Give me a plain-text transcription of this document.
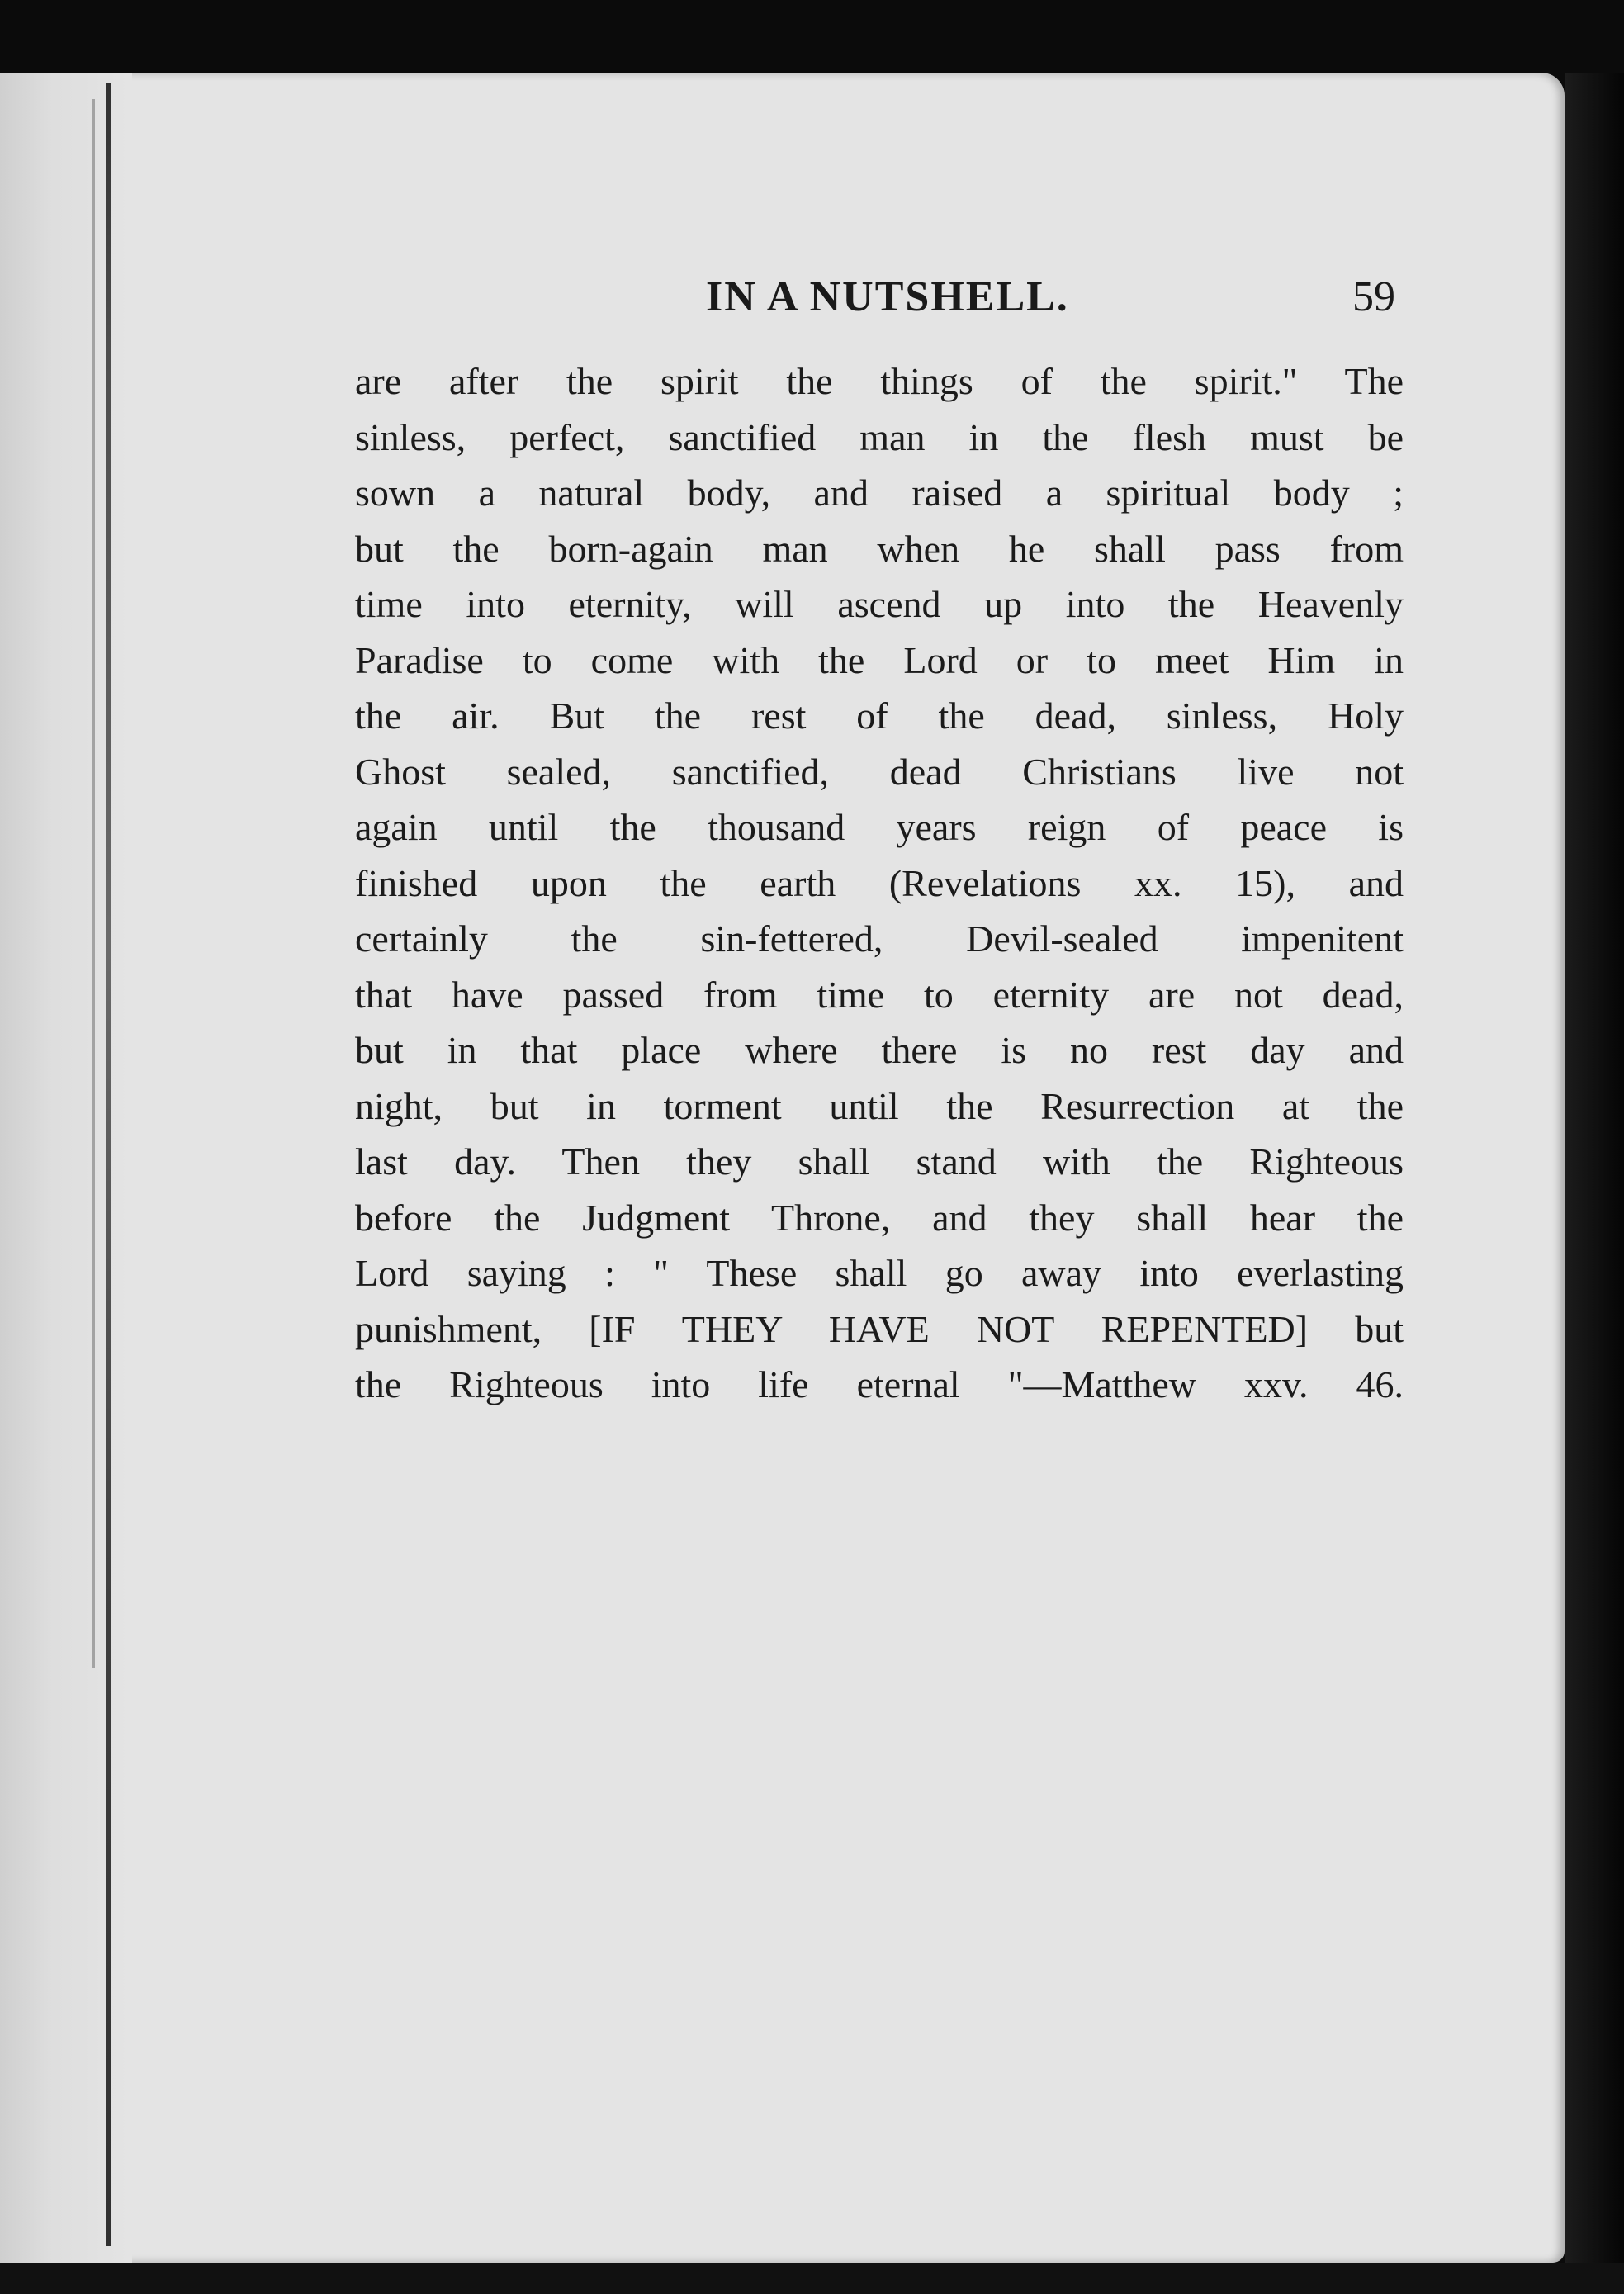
IN A NUTSHELL.	59
are after the spirit the things of the spirit." The
sinless, perfect, sanctified man in the flesh must be
sown a natural body, and raised a spiritual body ;
but the born-again man when he shall pass from
time into eternity, will ascend up into the Heavenly
Paradise to come with the Lord or to meet Him in
the air. But the rest of the dead, sinless, Holy
Ghost sealed, sanctified, dead Christians live not
again until the thousand years reign of peace is
finished upon the earth (Revelations xx. 15), and
certainly the sin-fettered, Devil-sealed impenitent
that have passed from time to eternity are not dead,
but in that place where there is no rest day and
night, but in torment until the Resurrection at the
last day. Then they shall stand with the Righteous
before the Judgment Throne, and they shall hear the
Lord saying : " These shall go away into everlasting
punishment, [IF THEY HAVE NOT REPENTED] but
the Righteous into life eternal "—Matthew xxv. 46.
